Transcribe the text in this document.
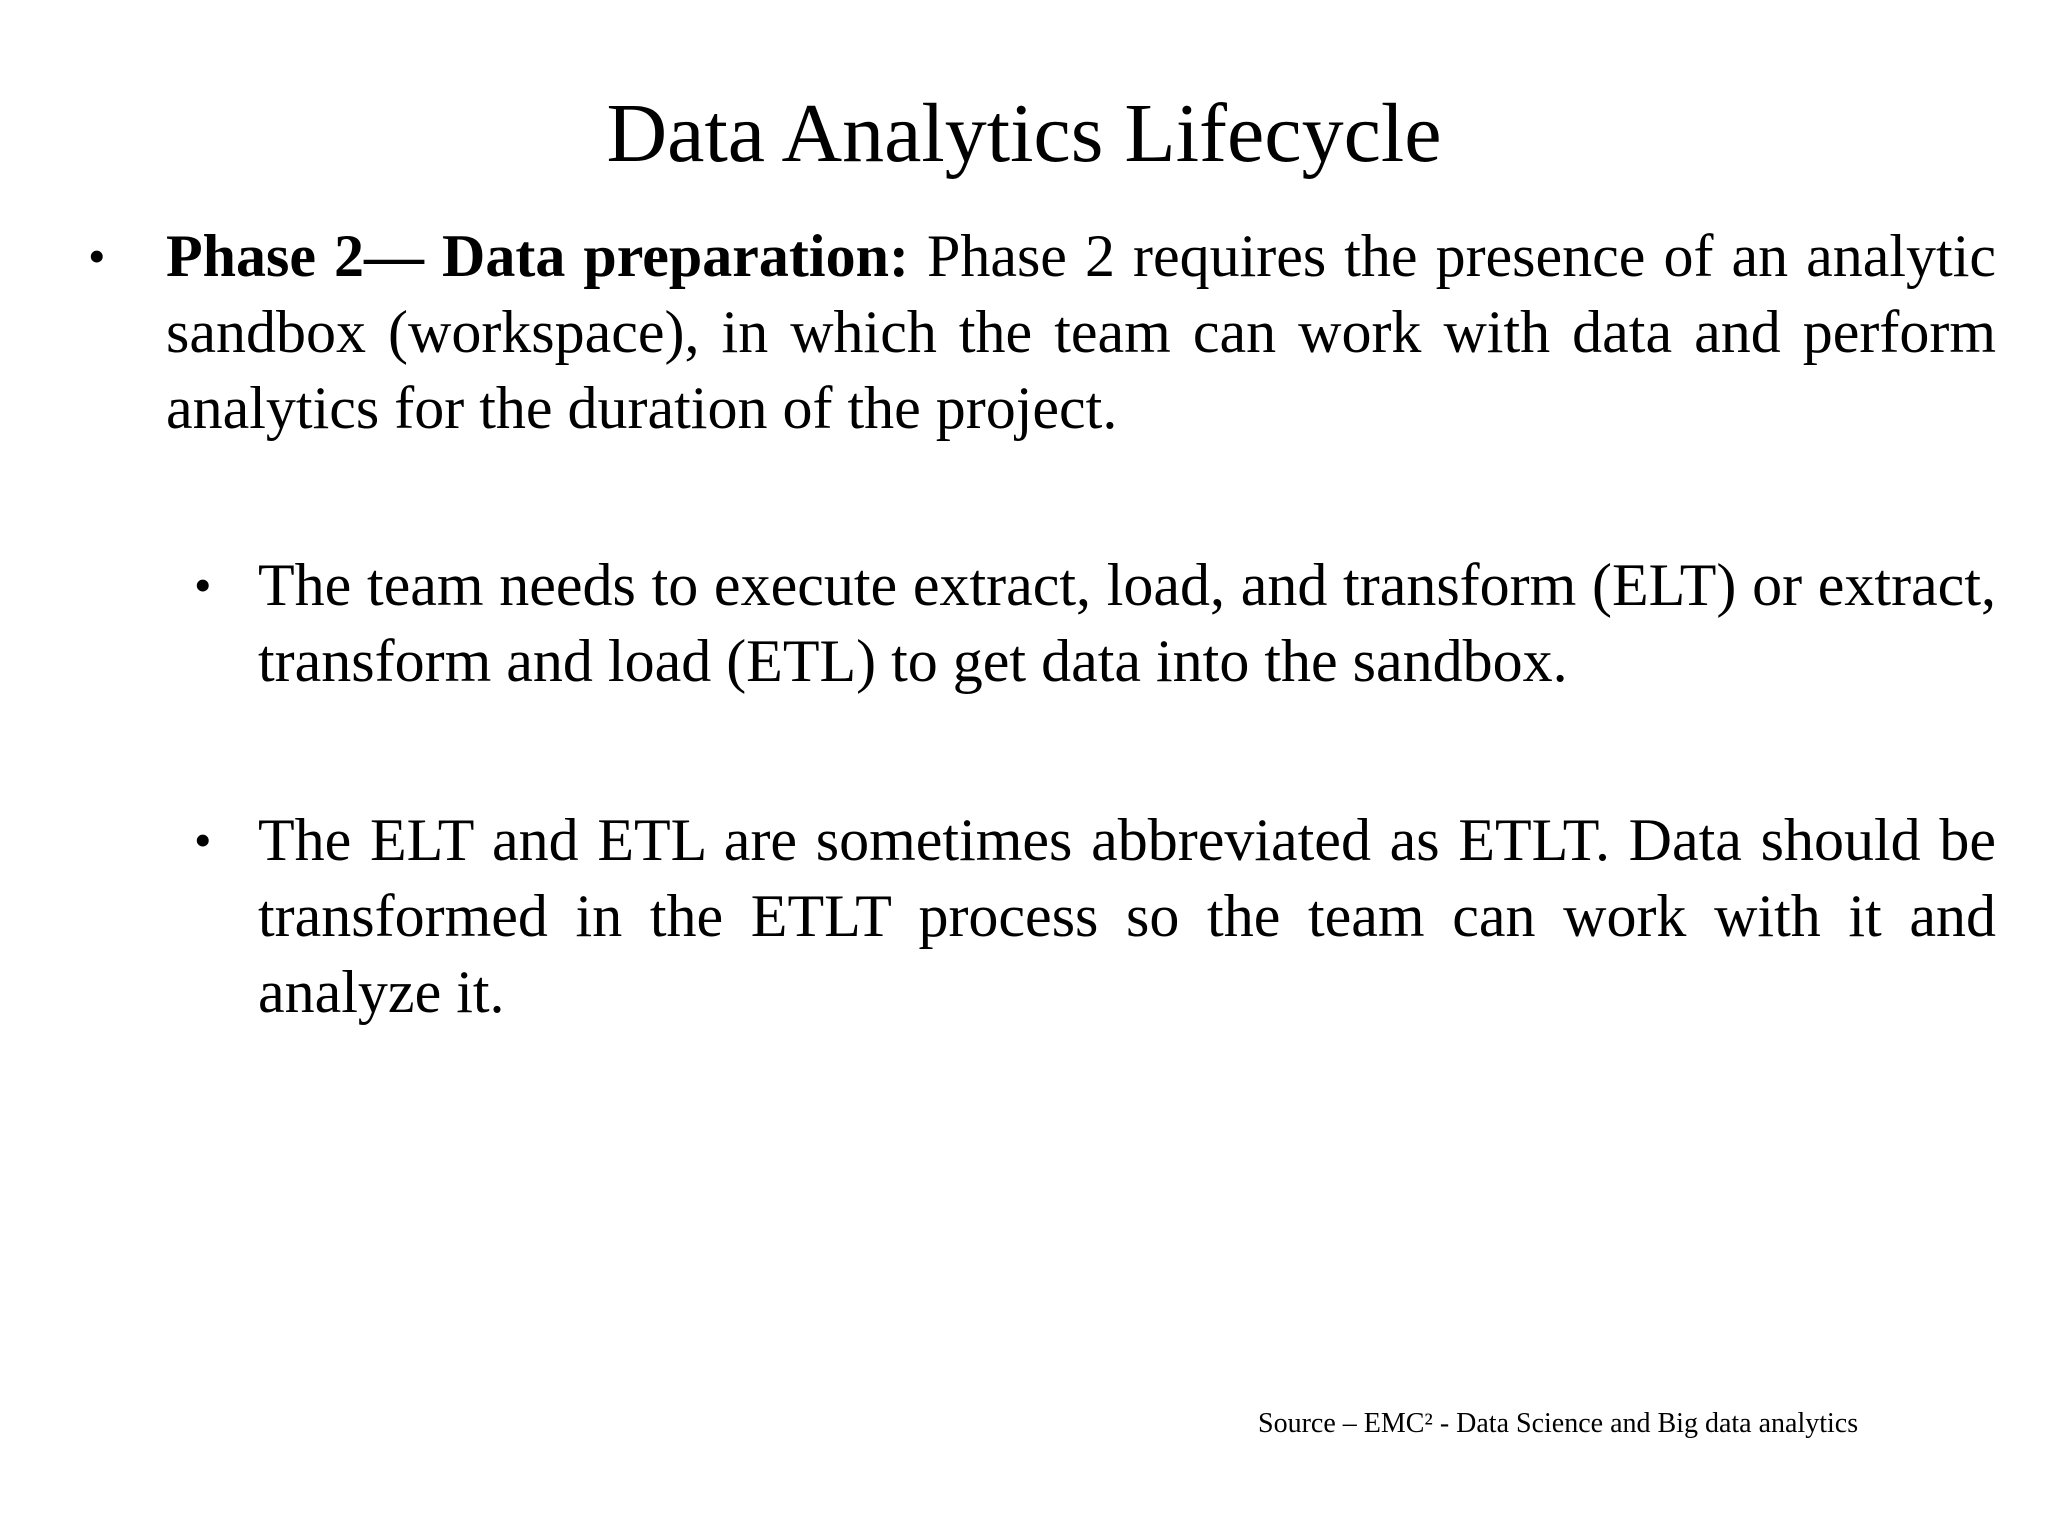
Data Analytics Lifecycle
• Phase 2— Data preparation: Phase 2 requires the presence of an analytic sandbox (workspace), in which the team can work with data and perform analytics for the duration of the project.
• The team needs to execute extract, load, and transform (ELT) or extract, transform and load (ETL) to get data into the sandbox.
• The ELT and ETL are sometimes abbreviated as ETLT. Data should be transformed in the ETLT process so the team can work with it and analyze it.
Source – EMC² - Data Science and Big data analytics
